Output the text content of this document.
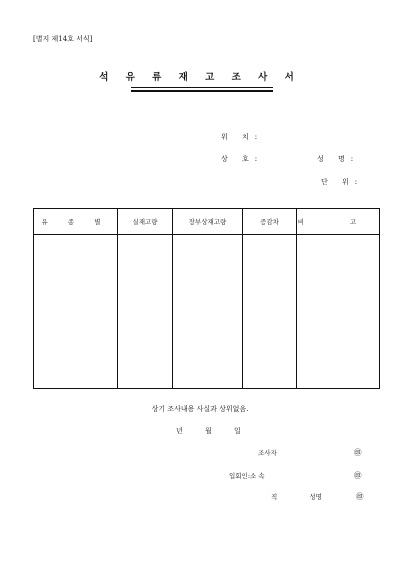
[별지 제14호 서식]
석 유 류 재 고 조 사 서
위 치:
상 호:	성 명:
단 위:
유 종 별	실재고량	장부상재고량	증감차	비 고

상기 조사내용 사실과 상위없음.
년 월 일
조사자	㊞
입회인:소 속	㊞
직 성명	㊞
